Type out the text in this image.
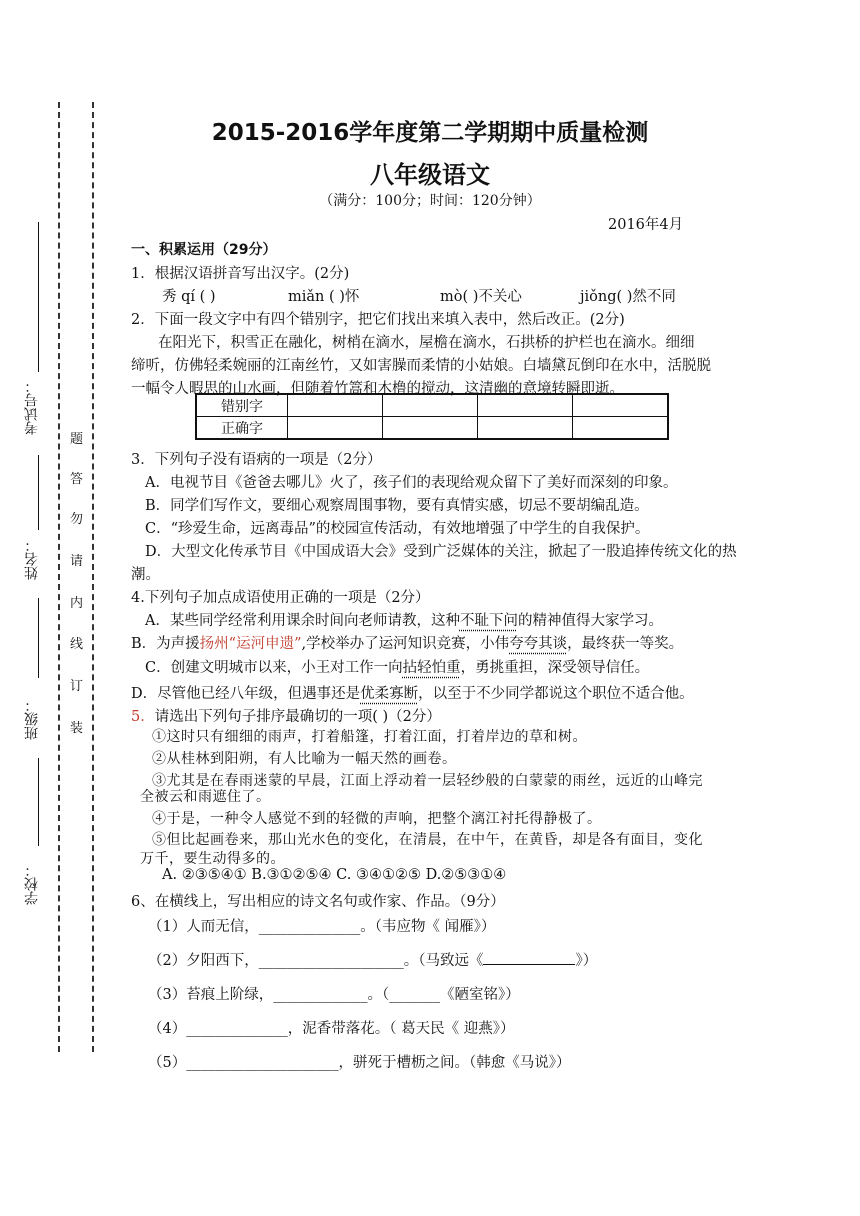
考试号：
姓名：
班级：
学校：
题
答
勿
请
内
线
订
装
2015-2016学年度第二学期期中质量检测
八年级语文
（满分：100分；时间：120分钟）
2016年4月
一、积累运用（29分）
1．根据汉语拼音写出汉字。(2分)
秀 qí ( )	miǎn ( )怀	mò( )不关心	jiǒng( )然不同
2．下面一段文字中有四个错别字，把它们找出来填入表中，然后改正。(2分)
在阳光下，积雪正在融化，树梢在滴水，屋檐在滴水，石拱桥的护栏也在滴水。细细
缔听，仿佛轻柔婉丽的江南丝竹，又如害臊而柔情的小姑娘。白墙黛瓦倒印在水中，活脱脱
一幅令人暇思的山水画，但随着竹篙和木橹的搅动，这清幽的意境转瞬即逝。
错别字				
正确字				
3．下列句子没有语病的一项是（2分）
A．电视节目《爸爸去哪儿》火了，孩子们的表现给观众留下了美好而深刻的印象。
B．同学们写作文，要细心观察周围事物，要有真情实感，切忌不要胡编乱造。
C．“珍爱生命，远离毒品”的校园宣传活动，有效地增强了中学生的自我保护。
D．大型文化传承节目《中国成语大会》受到广泛媒体的关注，掀起了一股追捧传统文化的热
潮。
4.下列句子加点成语使用正确的一项是（2分）
A．某些同学经常利用课余时间向老师请教，这种不耻下问的精神值得大家学习。
B．为声援扬州“运河申遗”,学校举办了运河知识竞赛，小伟夸夸其谈，最终获一等奖。
C．创建文明城市以来，小王对工作一向拈轻怕重，勇挑重担，深受领导信任。
D．尽管他已经八年级，但遇事还是优柔寡断，以至于不少同学都说这个职位不适合他。
5．请选出下列句子排序最确切的一项( )（2分）
①这时只有细细的雨声，打着船篷，打着江面，打着岸边的草和树。
②从桂林到阳朔，有人比喻为一幅天然的画卷。
③尤其是在春雨迷蒙的早晨，江面上浮动着一层轻纱般的白蒙蒙的雨丝，远近的山峰完
全被云和雨遮住了。
④于是，一种令人感觉不到的轻微的声响，把整个漓江衬托得静极了。
⑤但比起画卷来，那山光水色的变化，在清晨，在中午，在黄昏，却是各有面目，变化
万千，要生动得多的。
A. ②③⑤④① B.③①②⑤④ C. ③④①②⑤ D.②⑤③①④
6、在横线上，写出相应的诗文名句或作家、作品。（9分）
（1）人而无信，______________。（韦应物《 闻雁》）
（2）夕阳西下，____________________。（马致远《	》）
（3）苔痕上阶绿，_____________。（_______《陋室铭》）
（4）______________，泥香带落花。（ 葛天民《 迎燕》）
（5）_____________________，骈死于槽枥之间。（韩愈《马说》）
